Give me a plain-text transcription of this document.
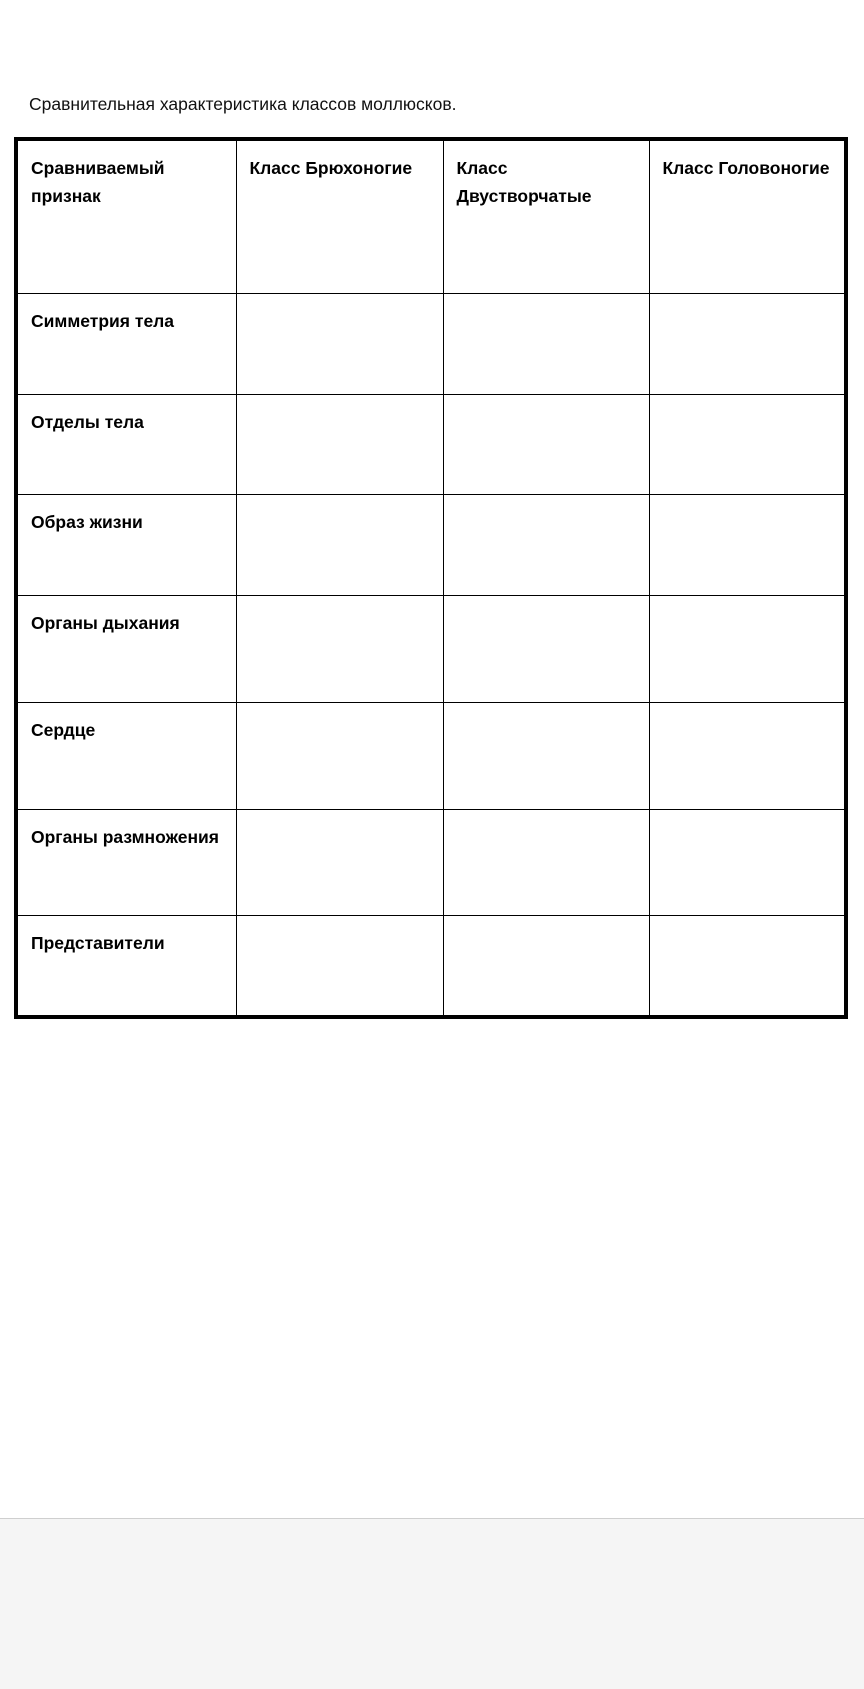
Сравнительная характеристика классов моллюсков.
Сравниваемый признак	Класс Брюхоногие	Класс Двустворчатые	Класс Головоногие
Симметрия тела			
Отделы тела			
Образ жизни			
Органы дыхания			
Сердце			
Органы размножения			
Представители			
